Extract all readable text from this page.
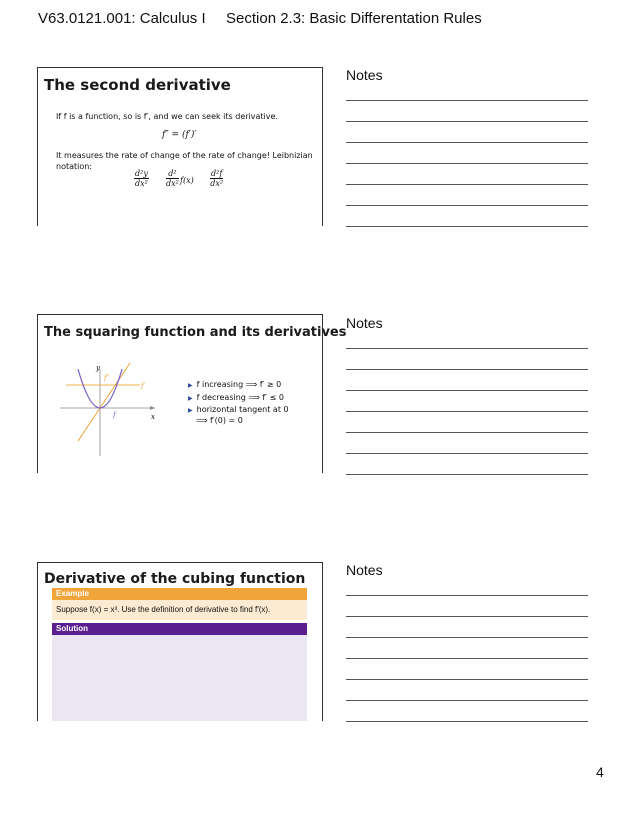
V63.0121.001: Calculus I Section 2.3: Basic Differentation Rules
The second derivative
If f is a function, so is f′, and we can seek its derivative.
f″ = (f′)′
It measures the rate of change of the rate of change! Leibnizian
notation:
$\frac{\text{d²y}}{\text{dx²}} \frac{\text{d²}}{\text{dx²}} f(x) \frac{\text{d²f}}{\text{dx²}}$
The squaring function and its derivatives
y
x
f
f′
f″
▶ f increasing ⟹ f′ ≥ 0
▶ f decreasing ⟹ f′ ≤ 0
▶ horizontal tangent at 0
⟹ f′(0) = 0
Derivative of the cubing function
Example
Suppose f(x) = x³. Use the definition of derivative to find f′(x).
Solution
Notes
Notes
Notes
4
